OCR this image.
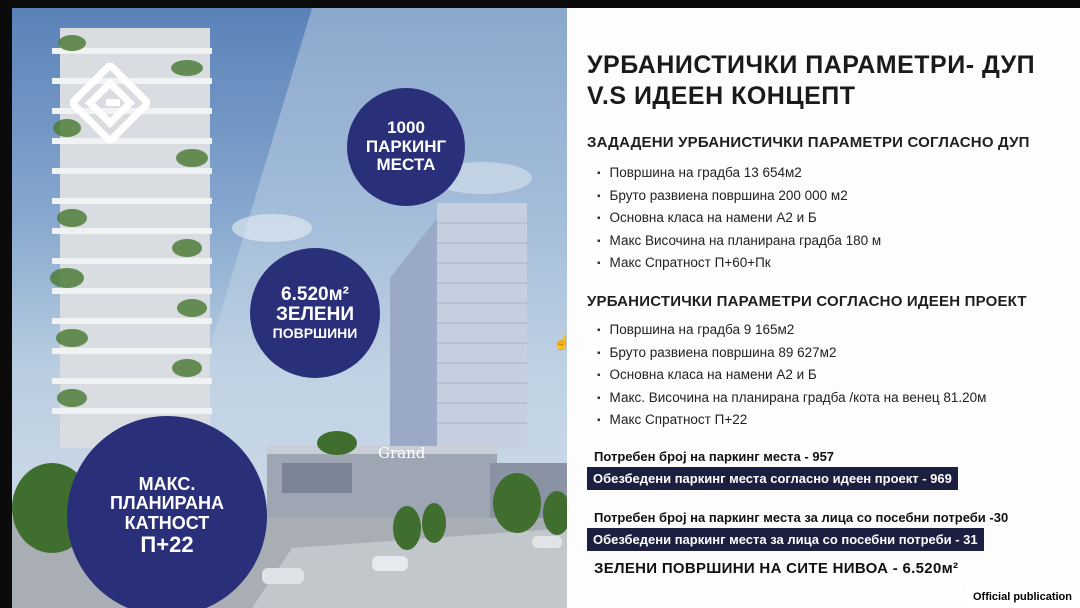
Grand
1000
ПАРКИНГ
МЕСТА
6.520м²
ЗЕЛЕНИ
ПОВРШИНИ
МАКС.
ПЛАНИРАНА
КАТНОСТ
П+22
УРБАНИСТИЧКИ ПАРАМЕТРИ- ДУП
V.S ИДЕЕН КОНЦЕПТ
ЗАДАДЕНИ УРБАНИСТИЧКИ ПАРАМЕТРИ СОГЛАСНО ДУП
▪ Површина на градба 13 654м2
▪ Бруто развиена површина 200 000 м2
▪ Основна класа на намени А2 и Б
▪ Макс Височина на планирана градба 180 м
▪ Макс Спратност П+60+Пк
УРБАНИСТИЧКИ ПАРАМЕТРИ СОГЛАСНО ИДЕЕН ПРОЕКТ
▪ Површина на градба 9 165м2
▪ Бруто развиена површина 89 627м2
▪ Основна класа на намени А2 и Б
▪ Макс. Височина на планирана градба /кота на венец 81.20м
▪ Макс Спратност П+22
Потребен број на паркинг места - 957
Обезбедени паркинг места согласно идеен проект - 969
Потребен број на паркинг места за лица со посебни потреби -30
Обезбедени паркинг места за лица со посебни потреби - 31
ЗЕЛЕНИ ПОВРШИНИ НА СИТЕ НИВОА - 6.520м²
☝
Official publication
